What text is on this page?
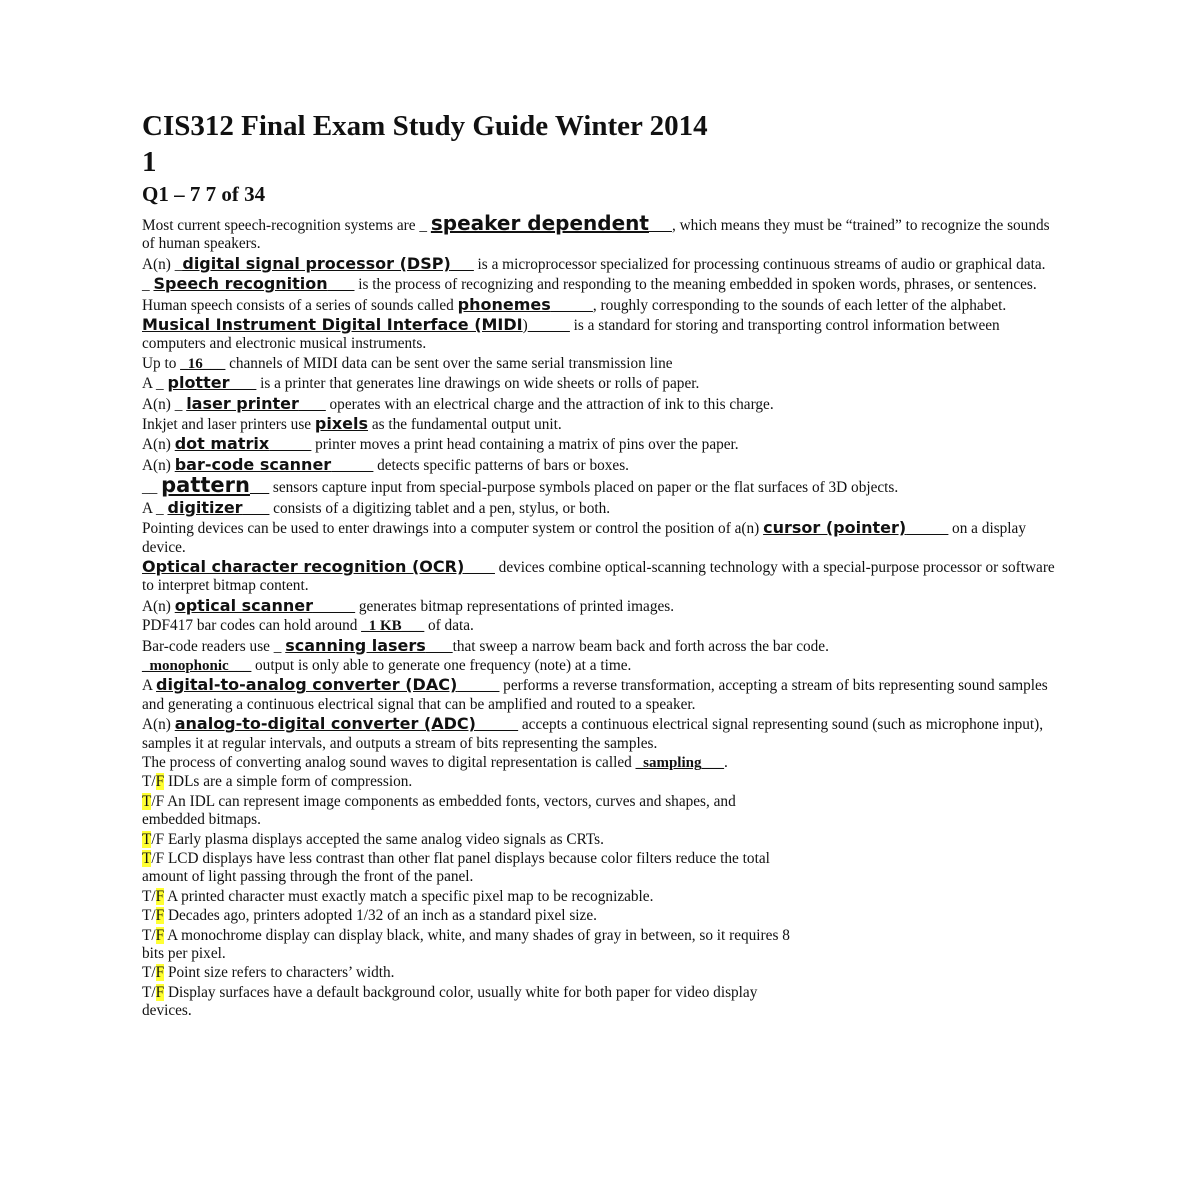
CIS312 Final Exam Study Guide Winter 2014
1
Q1 – 7 7 of 34
Most current speech-recognition systems are _ speaker dependent___, which means they must be “trained” to recognize the sounds of human speakers.
A(n) _digital signal processor (DSP)___ is a microprocessor specialized for processing continuous streams of audio or graphical data.
_ Speech recognition ___ is the process of recognizing and responding to the meaning embedded in spoken words, phrases, or sentences.
Human speech consists of a series of sounds called phonemes _____, roughly corresponding to the sounds of each letter of the alphabet.
Musical Instrument Digital Interface (MIDI) _____ is a standard for storing and transporting control information between computers and electronic musical instruments.
Up to _16___ channels of MIDI data can be sent over the same serial transmission line
A _ plotter ___ is a printer that generates line drawings on wide sheets or rolls of paper.
A(n) _ laser printer ___ operates with an electrical charge and the attraction of ink to this charge.
Inkjet and laser printers use pixels as the fundamental output unit.
A(n) dot matrix _____ printer moves a print head containing a matrix of pins over the paper.
A(n) bar-code scanner _____ detects specific patterns of bars or boxes.
__ pattern __ sensors capture input from special-purpose symbols placed on paper or the flat surfaces of 3D objects.
A _ digitizer ___ consists of a digitizing tablet and a pen, stylus, or both.
Pointing devices can be used to enter drawings into a computer system or control the position of a(n) cursor (pointer) _____ on a display device.
Optical character recognition (OCR)____ devices combine optical-scanning technology with a special-purpose processor or software to interpret bitmap content.
A(n) optical scanner _____ generates bitmap representations of printed images.
PDF417 bar codes can hold around _1 KB___ of data.
Bar-code readers use _ scanning lasers ___that sweep a narrow beam back and forth across the bar code.
_monophonic___ output is only able to generate one frequency (note) at a time.
A digital-to-analog converter (DAC) _____ performs a reverse transformation, accepting a stream of bits representing sound samples and generating a continuous electrical signal that can be amplified and routed to a speaker.
A(n) analog-to-digital converter (ADC) _____ accepts a continuous electrical signal representing sound (such as microphone input), samples it at regular intervals, and outputs a stream of bits representing the samples.
The process of converting analog sound waves to digital representation is called _sampling___.
T/F IDLs are a simple form of compression.
T/F An IDL can represent image components as embedded fonts, vectors, curves and shapes, and
embedded bitmaps.
T/F Early plasma displays accepted the same analog video signals as CRTs.
T/F LCD displays have less contrast than other flat panel displays because color filters reduce the total
amount of light passing through the front of the panel.
T/F A printed character must exactly match a specific pixel map to be recognizable.
T/F Decades ago, printers adopted 1/32 of an inch as a standard pixel size.
T/F A monochrome display can display black, white, and many shades of gray in between, so it requires 8
bits per pixel.
T/F Point size refers to characters’ width.
T/F Display surfaces have a default background color, usually white for both paper for video display
devices.
